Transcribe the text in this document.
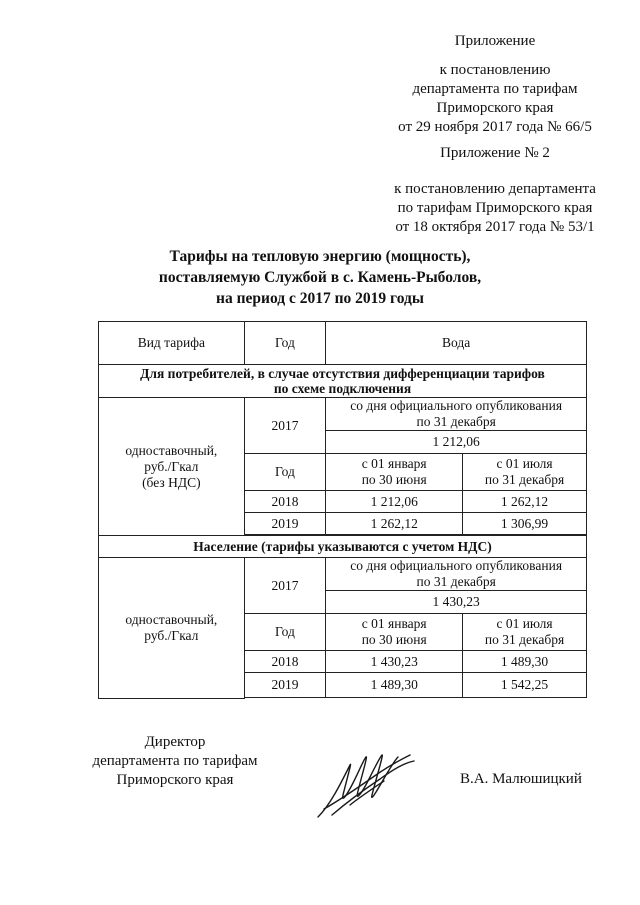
Приложение
к постановлению
департамента по тарифам
Приморского края
от 29 ноября 2017 года № 66/5
Приложение № 2
к постановлению департамента
по тарифам Приморского края
от 18 октября 2017 года № 53/1
Тарифы на тепловую энергию (мощность),
поставляемую Службой в с. Камень-Рыболов,
на период с 2017 по 2019 годы
Вид тарифа	Год	Вода	

Для потребителей, в случае отсутствия дифференциации тарифов
по схеме подключения			

одноставочный,
руб./Гкал
(без НДС)	2017	со дня официального опубликования
по 31 декабря	

		1 212,06	
	Год	с 01 января
по 30 июня	с 01 июля
по 31 декабря

	2018	1 212,06	1 262,12
	2019	1 262,12	1 306,99

Население (тарифы указываются с учетом НДС)			

одноставочный,
руб./Гкал	2017	со дня официального опубликования
по 31 декабря	

		1 430,23	
	Год	с 01 января
по 30 июня	с 01 июля
по 31 декабря

	2018	1 430,23	1 489,30
	2019	1 489,30	1 542,25

Директор
департамента по тарифам
Приморского края	В.А. Малюшицкий
